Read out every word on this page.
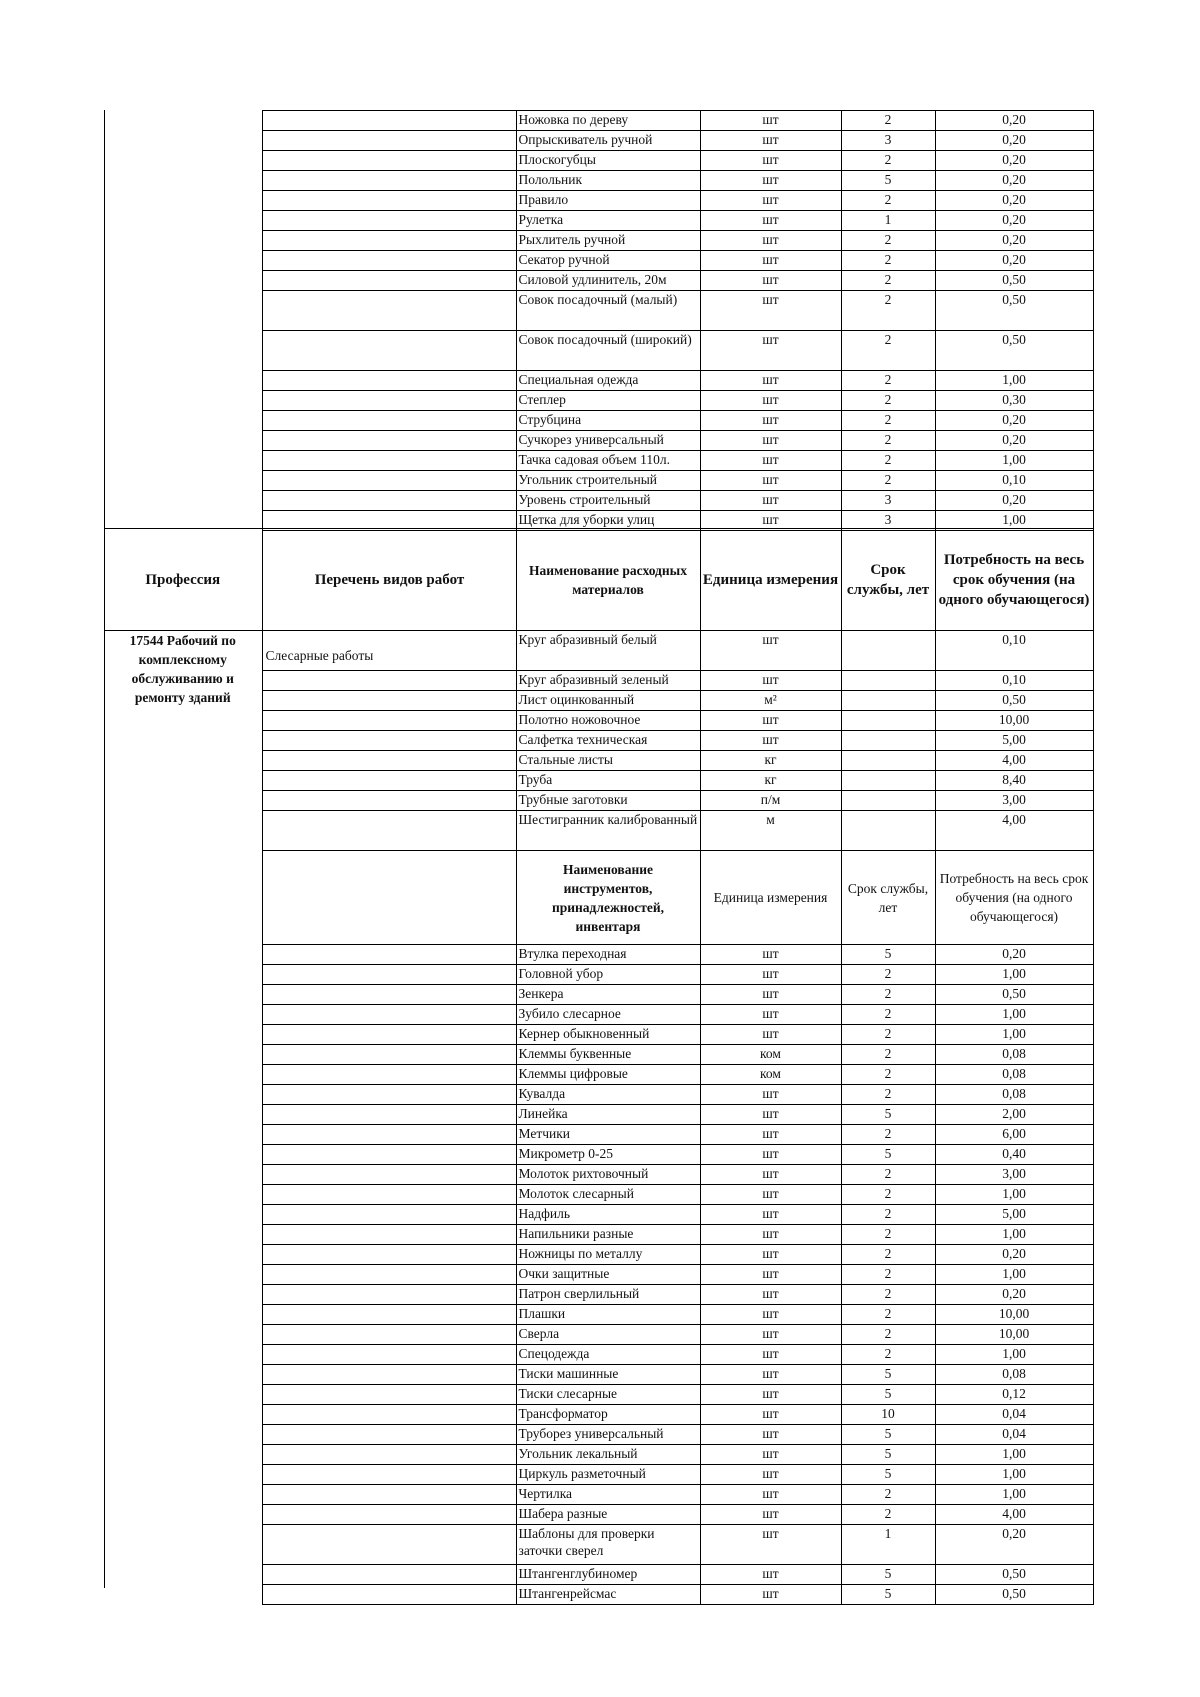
		Ножовка по дереву	шт	2	0,20
		Опрыскиватель ручной	шт	3	0,20
		Плоскогубцы	шт	2	0,20
		Полольник	шт	5	0,20
		Правило	шт	2	0,20
		Рулетка	шт	1	0,20
		Рыхлитель ручной	шт	2	0,20
		Секатор ручной	шт	2	0,20
		Силовой удлинитель, 20м	шт	2	0,50
		Совок посадочный (малый)	шт	2	0,50
		Совок посадочный (широкий)	шт	2	0,50
		Специальная одежда	шт	2	1,00
		Степлер	шт	2	0,30
		Струбцина	шт	2	0,20
		Сучкорез универсальный	шт	2	0,20
		Тачка садовая объем 110л.	шт	2	1,00
		Угольник строительный	шт	2	0,10
		Уровень строительный	шт	3	0,20
		Щетка для уборки улиц	шт	3	1,00
Профессия	Перечень видов работ	Наименование расходных материалов	Единица измерения	Срок службы, лет	Потребность на весь срок обучения (на одного обучающегося)
17544 Рабочий по комплексному обслуживанию и ремонту зданий	Слесарные работы	Круг абразивный белый	шт		0,10
		Круг абразивный зеленый	шт		0,10
		Лист оцинкованный	м²		0,50
		Полотно ножовочное	шт		10,00
		Салфетка техническая	шт		5,00
		Стальные листы	кг		4,00
		Труба	кг		8,40
		Трубные заготовки	п/м		3,00
		Шестигранник калиброванный	м		4,00
		Наименование инструментов, принадлежностей, инвентаря	Единица измерения	Срок службы, лет	Потребность на весь срок обучения (на одного обучающегося)
		Втулка переходная	шт	5	0,20
		Головной убор	шт	2	1,00
		Зенкера	шт	2	0,50
		Зубило слесарное	шт	2	1,00
		Кернер обыкновенный	шт	2	1,00
		Клеммы буквенные	ком	2	0,08
		Клеммы цифровые	ком	2	0,08
		Кувалда	шт	2	0,08
		Линейка	шт	5	2,00
		Метчики	шт	2	6,00
		Микрометр 0-25	шт	5	0,40
		Молоток рихтовочный	шт	2	3,00
		Молоток слесарный	шт	2	1,00
		Надфиль	шт	2	5,00
		Напильники разные	шт	2	1,00
		Ножницы по металлу	шт	2	0,20
		Очки защитные	шт	2	1,00
		Патрон сверлильный	шт	2	0,20
		Плашки	шт	2	10,00
		Сверла	шт	2	10,00
		Спецодежда	шт	2	1,00
		Тиски машинные	шт	5	0,08
		Тиски слесарные	шт	5	0,12
		Трансформатор	шт	10	0,04
		Труборез универсальный	шт	5	0,04
		Угольник лекальный	шт	5	1,00
		Циркуль разметочный	шт	5	1,00
		Чертилка	шт	2	1,00
		Шабера разные	шт	2	4,00
		Шаблоны для проверки заточки сверел	шт	1	0,20
		Штангенглубиномер	шт	5	0,50
		Штангенрейсмас	шт	5	0,50
